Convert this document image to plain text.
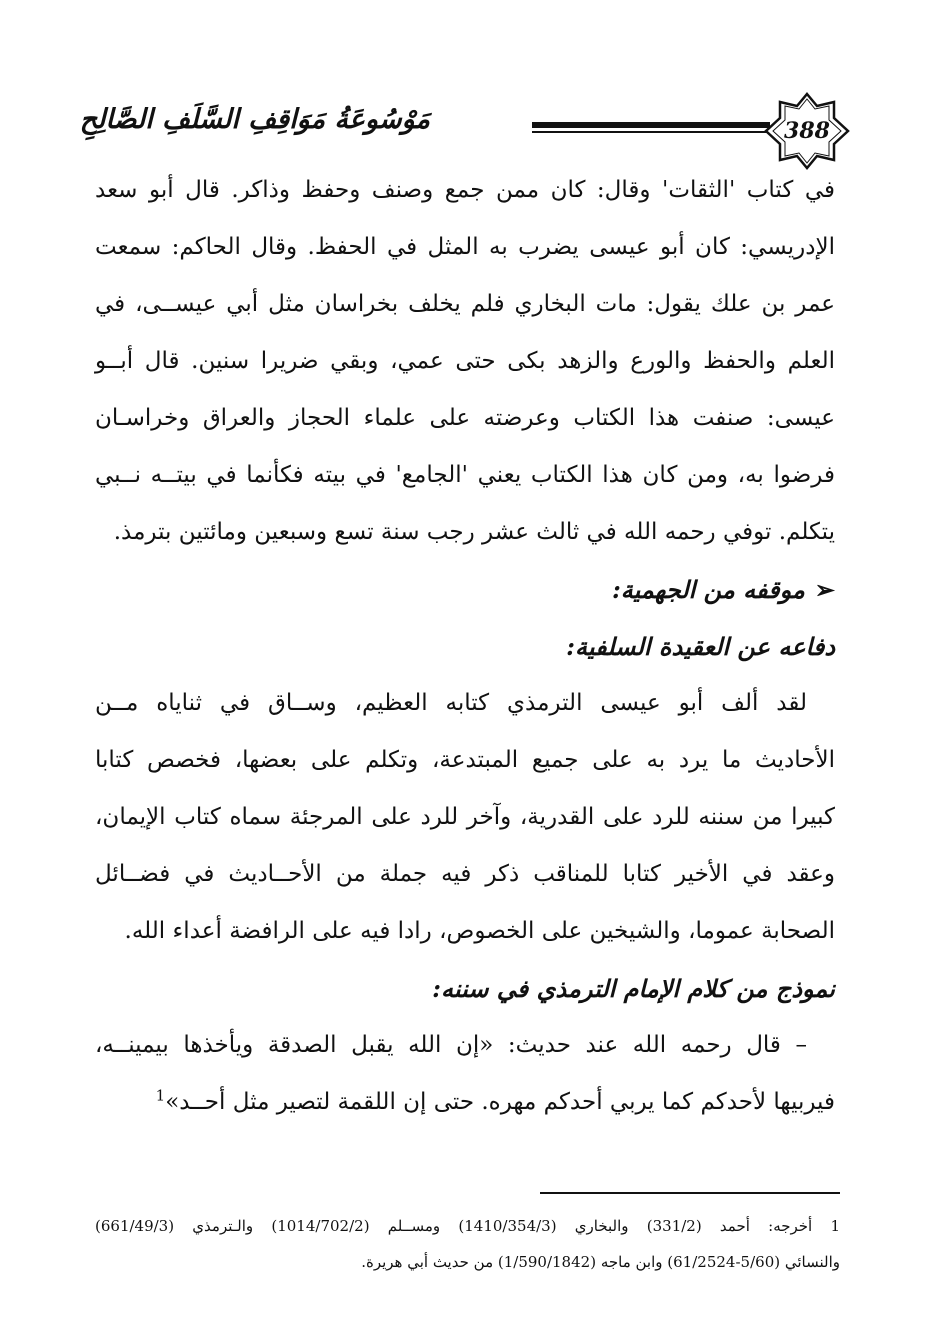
مَوْسُوعَةُ مَوَاقِفِ السَّلَفِ الصَّالِحِ	388

في كتاب 'الثقات' وقال: كان ممن جمع وصنف وحفظ وذاكر. قال أبو سعد

الإدريسي: كان أبو عيسى يضرب به المثل في الحفظ. وقال الحاكم: سمعت

عمر بن علك يقول: مات البخاري فلم يخلف بخراسان مثل أبي عيســى، في

العلم والحفظ والورع والزهد بكى حتى عمي، وبقي ضريرا سنين. قال أبــو

عيسى: صنفت هذا الكتاب وعرضته على علماء الحجاز والعراق وخراسـان

فرضوا به، ومن كان هذا الكتاب يعني 'الجامع' في بيته فكأنما في بيتــه نــبي

يتكلم. توفي رحمه الله في ثالث عشر رجب سنة تسع وسبعين ومائتين بترمذ.

➢موقفه من الجهمية:

دفاعه عن العقيدة السلفية:

لقد ألف أبو عيسى الترمذي كتابه العظيم، وســاق في ثناياه مــن

الأحاديث ما يرد به على جميع المبتدعة، وتكلم على بعضها، فخصص كتابا

كبيرا من سننه للرد على القدرية، وآخر للرد على المرجئة سماه كتاب الإيمان،

وعقد في الأخير كتابا للمناقب ذكر فيه جملة من الأحــاديث في فضــائل

الصحابة عموما، والشيخين على الخصوص، رادا فيه على الرافضة أعداء الله.

نموذج من كلام الإمام الترمذي في سننه:

– قال رحمه الله عند حديث: «إن الله يقبل الصدقة ويأخذها بيمينــه،

فيربيها لأحدكم كما يربي أحدكم مهره. حتى إن اللقمة لتصير مثل أحــد»$^1$

1 أخرجه: أحمد (331/2) والبخاري (1410/354/3) ومســلم (1014/702/2) والـترمذي (661/49/3)

والنسائي (5/60-61/2524) وابن ماجه (1/590/1842) من حديث أبي هريرة.
